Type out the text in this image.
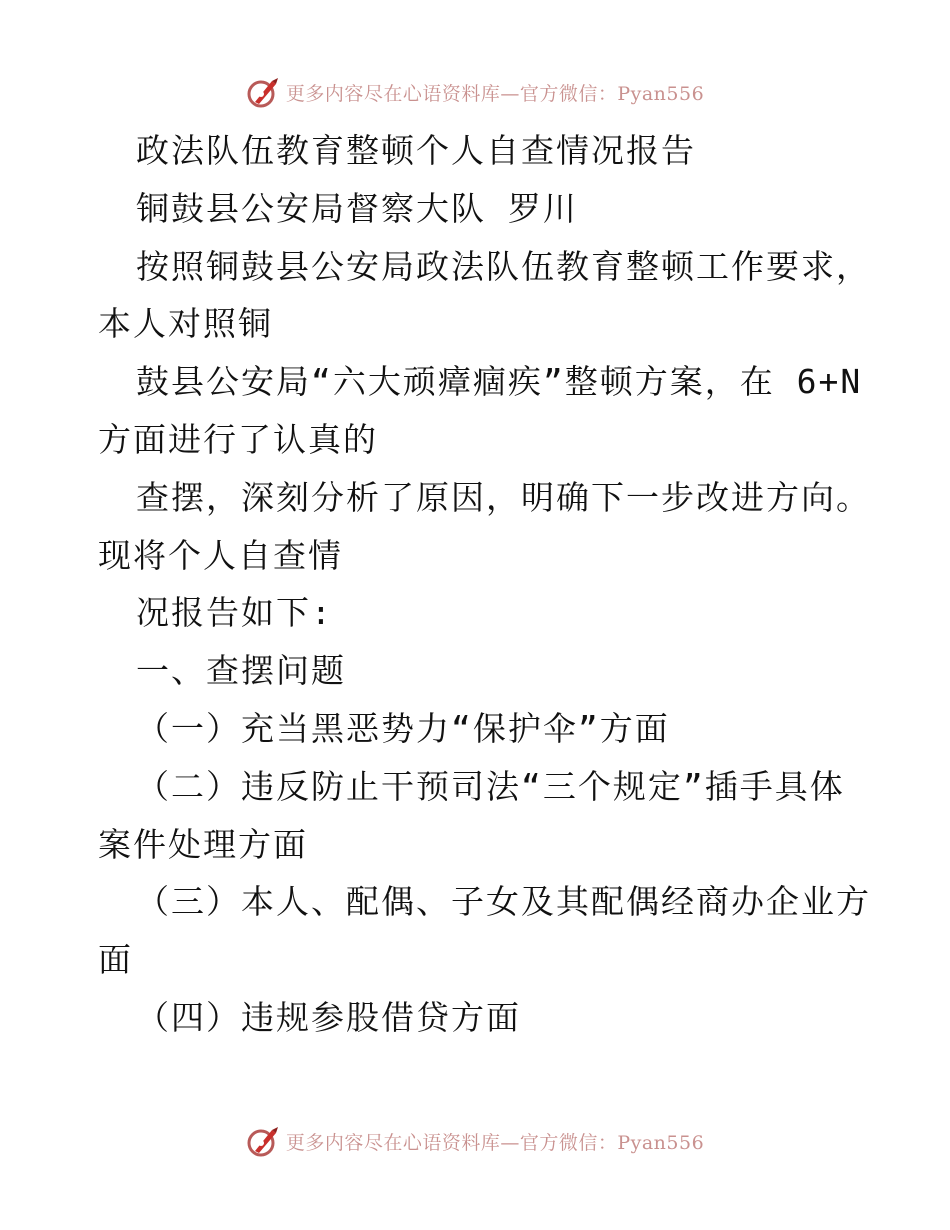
更多内容尽在心语资料库—官方微信：Pyan556
政法队伍教育整顿个人自查情况报告
铜鼓县公安局督察大队 罗川
按照铜鼓县公安局政法队伍教育整顿工作要求，
本人对照铜
鼓县公安局“六大顽瘴痼疾”整顿方案，在 6+N
方面进行了认真的
查摆，深刻分析了原因，明确下一步改进方向。
现将个人自查情
况报告如下:
一、查摆问题
（一）充当黑恶势力“保护伞”方面
（二）违反防止干预司法“三个规定”插手具体
案件处理方面
（三）本人、配偶、子女及其配偶经商办企业方
面
（四）违规参股借贷方面
更多内容尽在心语资料库—官方微信：Pyan556
